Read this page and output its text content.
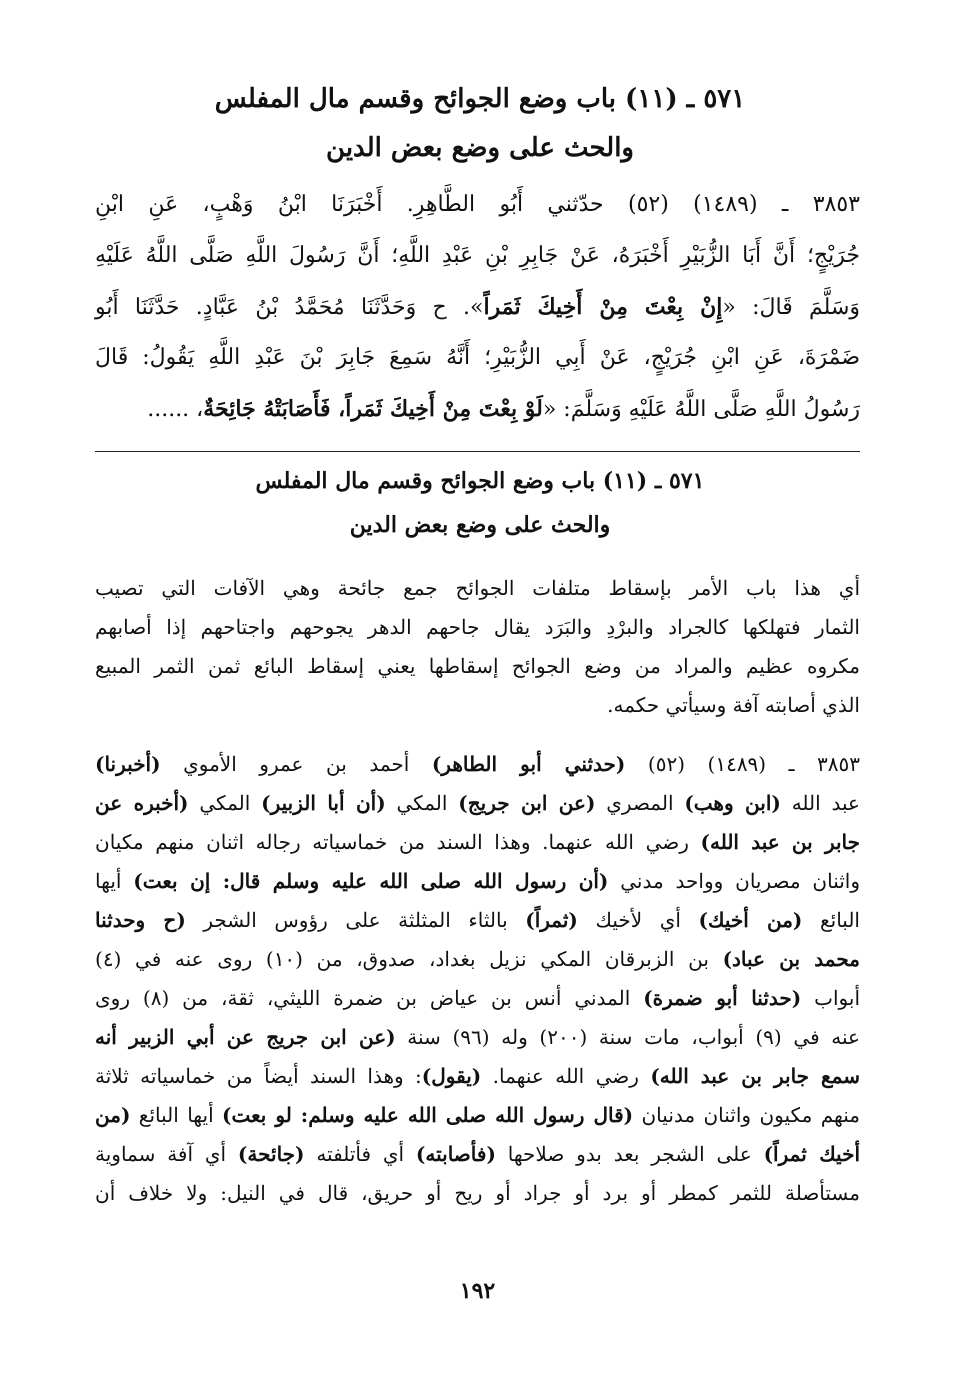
٥٧١ ـ (١١) باب وضع الجوائح وقسم مال المفلس
والحث على وضع بعض الدين
٣٨٥٣ ـ (١٤٨٩) (٥٢) حدّثني أَبُو الطَّاهِرِ. أَخْبَرَنَا ابْنُ وَهْبٍ، عَنِ ابْنِ
جُرَيْجٍ؛ أَنَّ أَبَا الزُّبَيْرِ أَخْبَرَهُ، عَنْ جَابِرِ بْنِ عَبْدِ اللَّهِ؛ أَنَّ رَسُولَ اللَّهِ صَلَّى اللَّهُ عَلَيْهِ
وَسَلَّمَ قَالَ: «إِنْ بِعْتَ مِنْ أَخِيكَ ثَمَراً». ح وَحَدَّثَنَا مُحَمَّدُ بْنُ عَبَّادٍ. حَدَّثَنَا أَبُو
ضَمْرَةَ، عَنِ ابْنِ جُرَيْجٍ، عَنْ أَبِي الزُّبَيْرِ؛ أَنَّهُ سَمِعَ جَابِرَ بْنَ عَبْدِ اللَّهِ يَقُولُ: قَالَ
رَسُولُ اللَّهِ صَلَّى اللَّهُ عَلَيْهِ وَسَلَّمَ: «لَوْ بِعْتَ مِنْ أَخِيكَ ثَمَراً، فَأَصَابَتْهُ جَائِحَةٌ، ......
٥٧١ ـ (١١) باب وضع الجوائح وقسم مال المفلس
والحث على وضع بعض الدين
أي هذا باب الأمر بإسقاط متلفات الجوائح جمع جائحة وهي الآفات التي تصيب
الثمار فتهلكها كالجراد والبرْدِ والبَرَد يقال جاحهم الدهر يجوحهم واجتاحهم إذا أصابهم
مكروه عظيم والمراد من وضع الجوائح إسقاطها يعني إسقاط البائع ثمن الثمر المبيع
الذي أصابته آفة وسيأتي حكمه.
٣٨٥٣ ـ (١٤٨٩) (٥٢) (حدثني أبو الطاهر) أحمد بن عمرو الأموي (أخبرنا)
عبد الله (ابن وهب) المصري (عن ابن جريج) المكي (أن أبا الزبير) المكي (أخبره عن
جابر بن عبد الله) رضي الله عنهما. وهذا السند من خماسياته رجاله اثنان منهم مكيان
واثنان مصريان وواحد مدني (أن رسول الله صلى الله عليه وسلم قال: إن بعت) أيها
البائع (من أخيك) أي لأخيك (ثمراً) بالثاء المثلثة على رؤوس الشجر (ح وحدثنا
محمد بن عباد) بن الزبرقان المكي نزيل بغداد، صدوق، من (١٠) روى عنه في (٤)
أبواب (حدثنا أبو ضمرة) المدني أنس بن عياض بن ضمرة الليثي، ثقة، من (٨) روى
عنه في (٩) أبواب، مات سنة (٢٠٠) وله (٩٦) سنة (عن ابن جريج عن أبي الزبير أنه
سمع جابر بن عبد الله) رضي الله عنهما. (يقول): وهذا السند أيضاً من خماسياته ثلاثة
منهم مكيون واثنان مدنيان (قال رسول الله صلى الله عليه وسلم: لو بعت) أيها البائع (من
أخيك ثمراً) على الشجر بعد بدو صلاحها (فأصابته) أي فأتلفته (جائحة) أي آفة سماوية
مستأصلة للثمر كمطر أو برد أو جراد أو ريح أو حريق، قال في النيل: ولا خلاف أن
١٩٢
